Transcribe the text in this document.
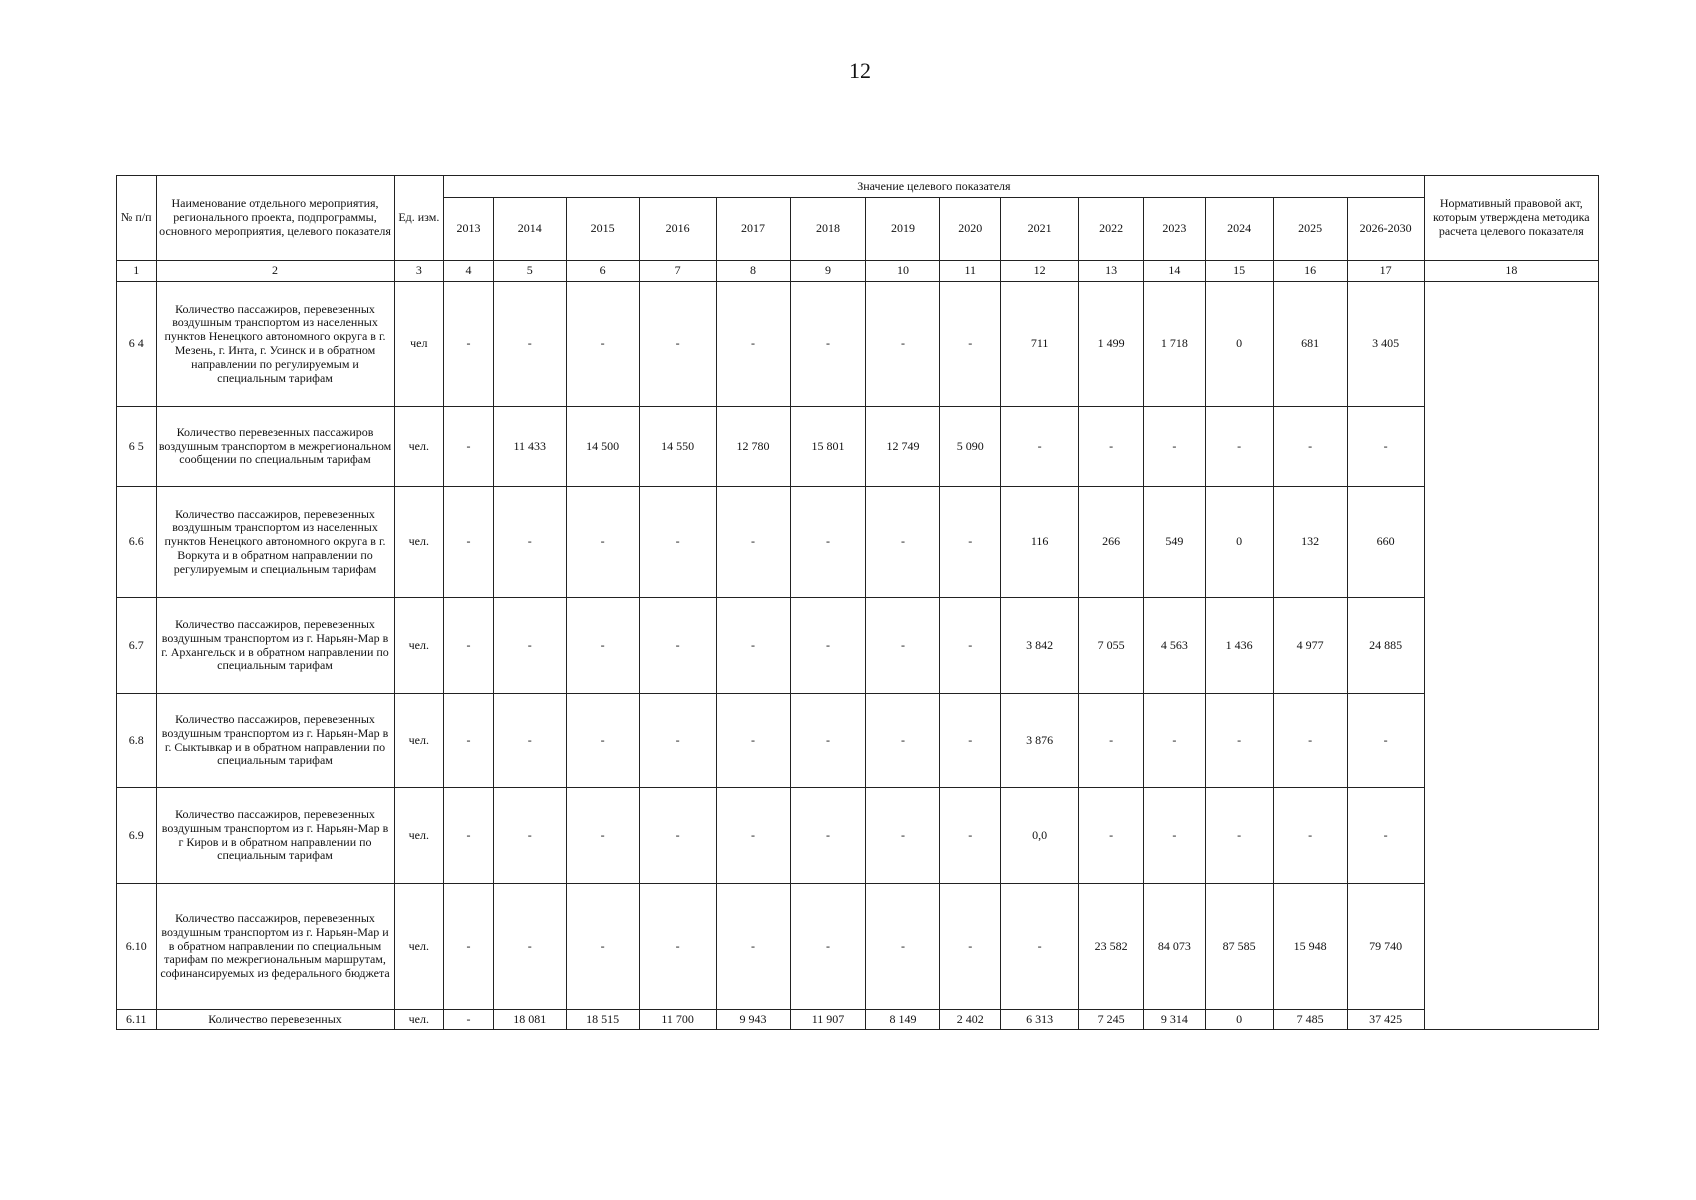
12
№ п/п	Наименование отдельного мероприятия, регионального проекта, подпрограммы, основного мероприятия, целевого показателя	Ед. изм.	Значение целевого показателя														Нормативный правовой акт, которым утверждена методика расчета целевого показателя
			2013	2014	2015	2016	2017	2018	2019	2020	2021	2022	2023	2024	2025	2026-2030	
1	2	3	4	5	6	7	8	9	10	11	12	13	14	15	16	17	18
6 4	Количество пассажиров, перевезенных воздушным транспортом из населенных пунктов Ненецкого автономного округа в г. Мезень, г. Инта, г. Усинск и в обратном направлении по регулируемым и специальным тарифам	чел	-	-	-	-	-	-	-	-	711	1 499	1 718	0	681	3 405	
6 5	Количество перевезенных пассажиров воздушным транспортом в межрегиональном сообщении по специальным тарифам	чел.	-	11 433	14 500	14 550	12 780	15 801	12 749	5 090	-	-	-	-	-	-	
6.6	Количество пассажиров, перевезенных воздушным транспортом из населенных пунктов Ненецкого автономного округа в г. Воркута и в обратном направлении по регулируемым и специальным тарифам	чел.	-	-	-	-	-	-	-	-	116	266	549	0	132	660	
6.7	Количество пассажиров, перевезенных воздушным транспортом из г. Нарьян-Мар в г. Архангельск и в обратном направлении по специальным тарифам	чел.	-	-	-	-	-	-	-	-	3 842	7 055	4 563	1 436	4 977	24 885	
6.8	Количество пассажиров, перевезенных воздушным транспортом из г. Нарьян-Мар в г. Сыктывкар и в обратном направлении по специальным тарифам	чел.	-	-	-	-	-	-	-	-	3 876	-	-	-	-	-	
6.9	Количество пассажиров, перевезенных воздушным транспортом из г. Нарьян-Мар в г Киров и в обратном направлении по специальным тарифам	чел.	-	-	-	-	-	-	-	-	0,0	-	-	-	-	-	
6.10	Количество пассажиров, перевезенных воздушным транспортом из г. Нарьян-Мар и в обратном направлении по специальным тарифам по межрегиональным маршрутам, софинансируемых из федерального бюджета	чел.	-	-	-	-	-	-	-	-	-	23 582	84 073	87 585	15 948	79 740	
6.11	Количество перевезенных	чел.	-	18 081	18 515	11 700	9 943	11 907	8 149	2 402	6 313	7 245	9 314	0	7 485	37 425	
